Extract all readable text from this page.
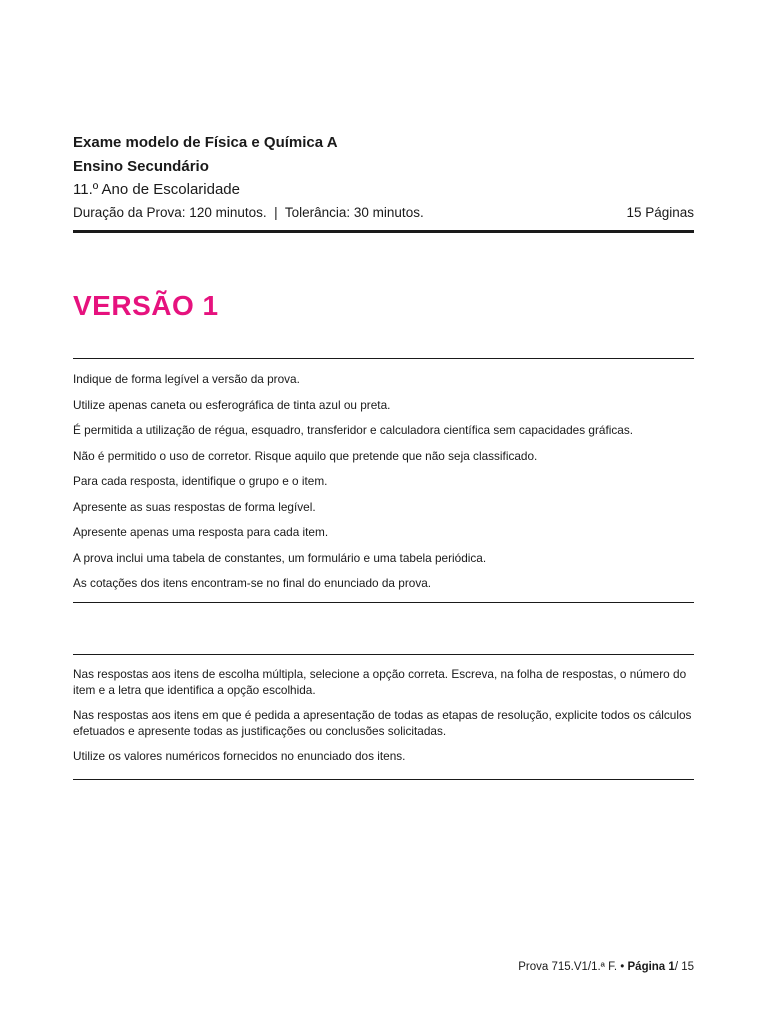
Exame modelo de Física e Química A
Ensino Secundário
11.º Ano de Escolaridade
Duração da Prova: 120 minutos.  |  Tolerância: 30 minutos.	15 Páginas
VERSÃO 1

Indique de forma legível a versão da prova.

Utilize apenas caneta ou esferográfica de tinta azul ou preta.

É permitida a utilização de régua, esquadro, transferidor e calculadora científica sem capacidades gráficas.

Não é permitido o uso de corretor. Risque aquilo que pretende que não seja classificado.

Para cada resposta, identifique o grupo e o item.

Apresente as suas respostas de forma legível.

Apresente apenas uma resposta para cada item.

A prova inclui uma tabela de constantes, um formulário e uma tabela periódica.

As cotações dos itens encontram-se no final do enunciado da prova.

Nas respostas aos itens de escolha múltipla, selecione a opção correta. Escreva, na folha de respostas, o número do item e a letra que identifica a opção escolhida.

Nas respostas aos itens em que é pedida a apresentação de todas as etapas de resolução, explicite todos os cálculos efetuados e apresente todas as justificações ou conclusões solicitadas.

Utilize os valores numéricos fornecidos no enunciado dos itens.

Prova 715.V1/1.ª F. • Página 1/ 15
